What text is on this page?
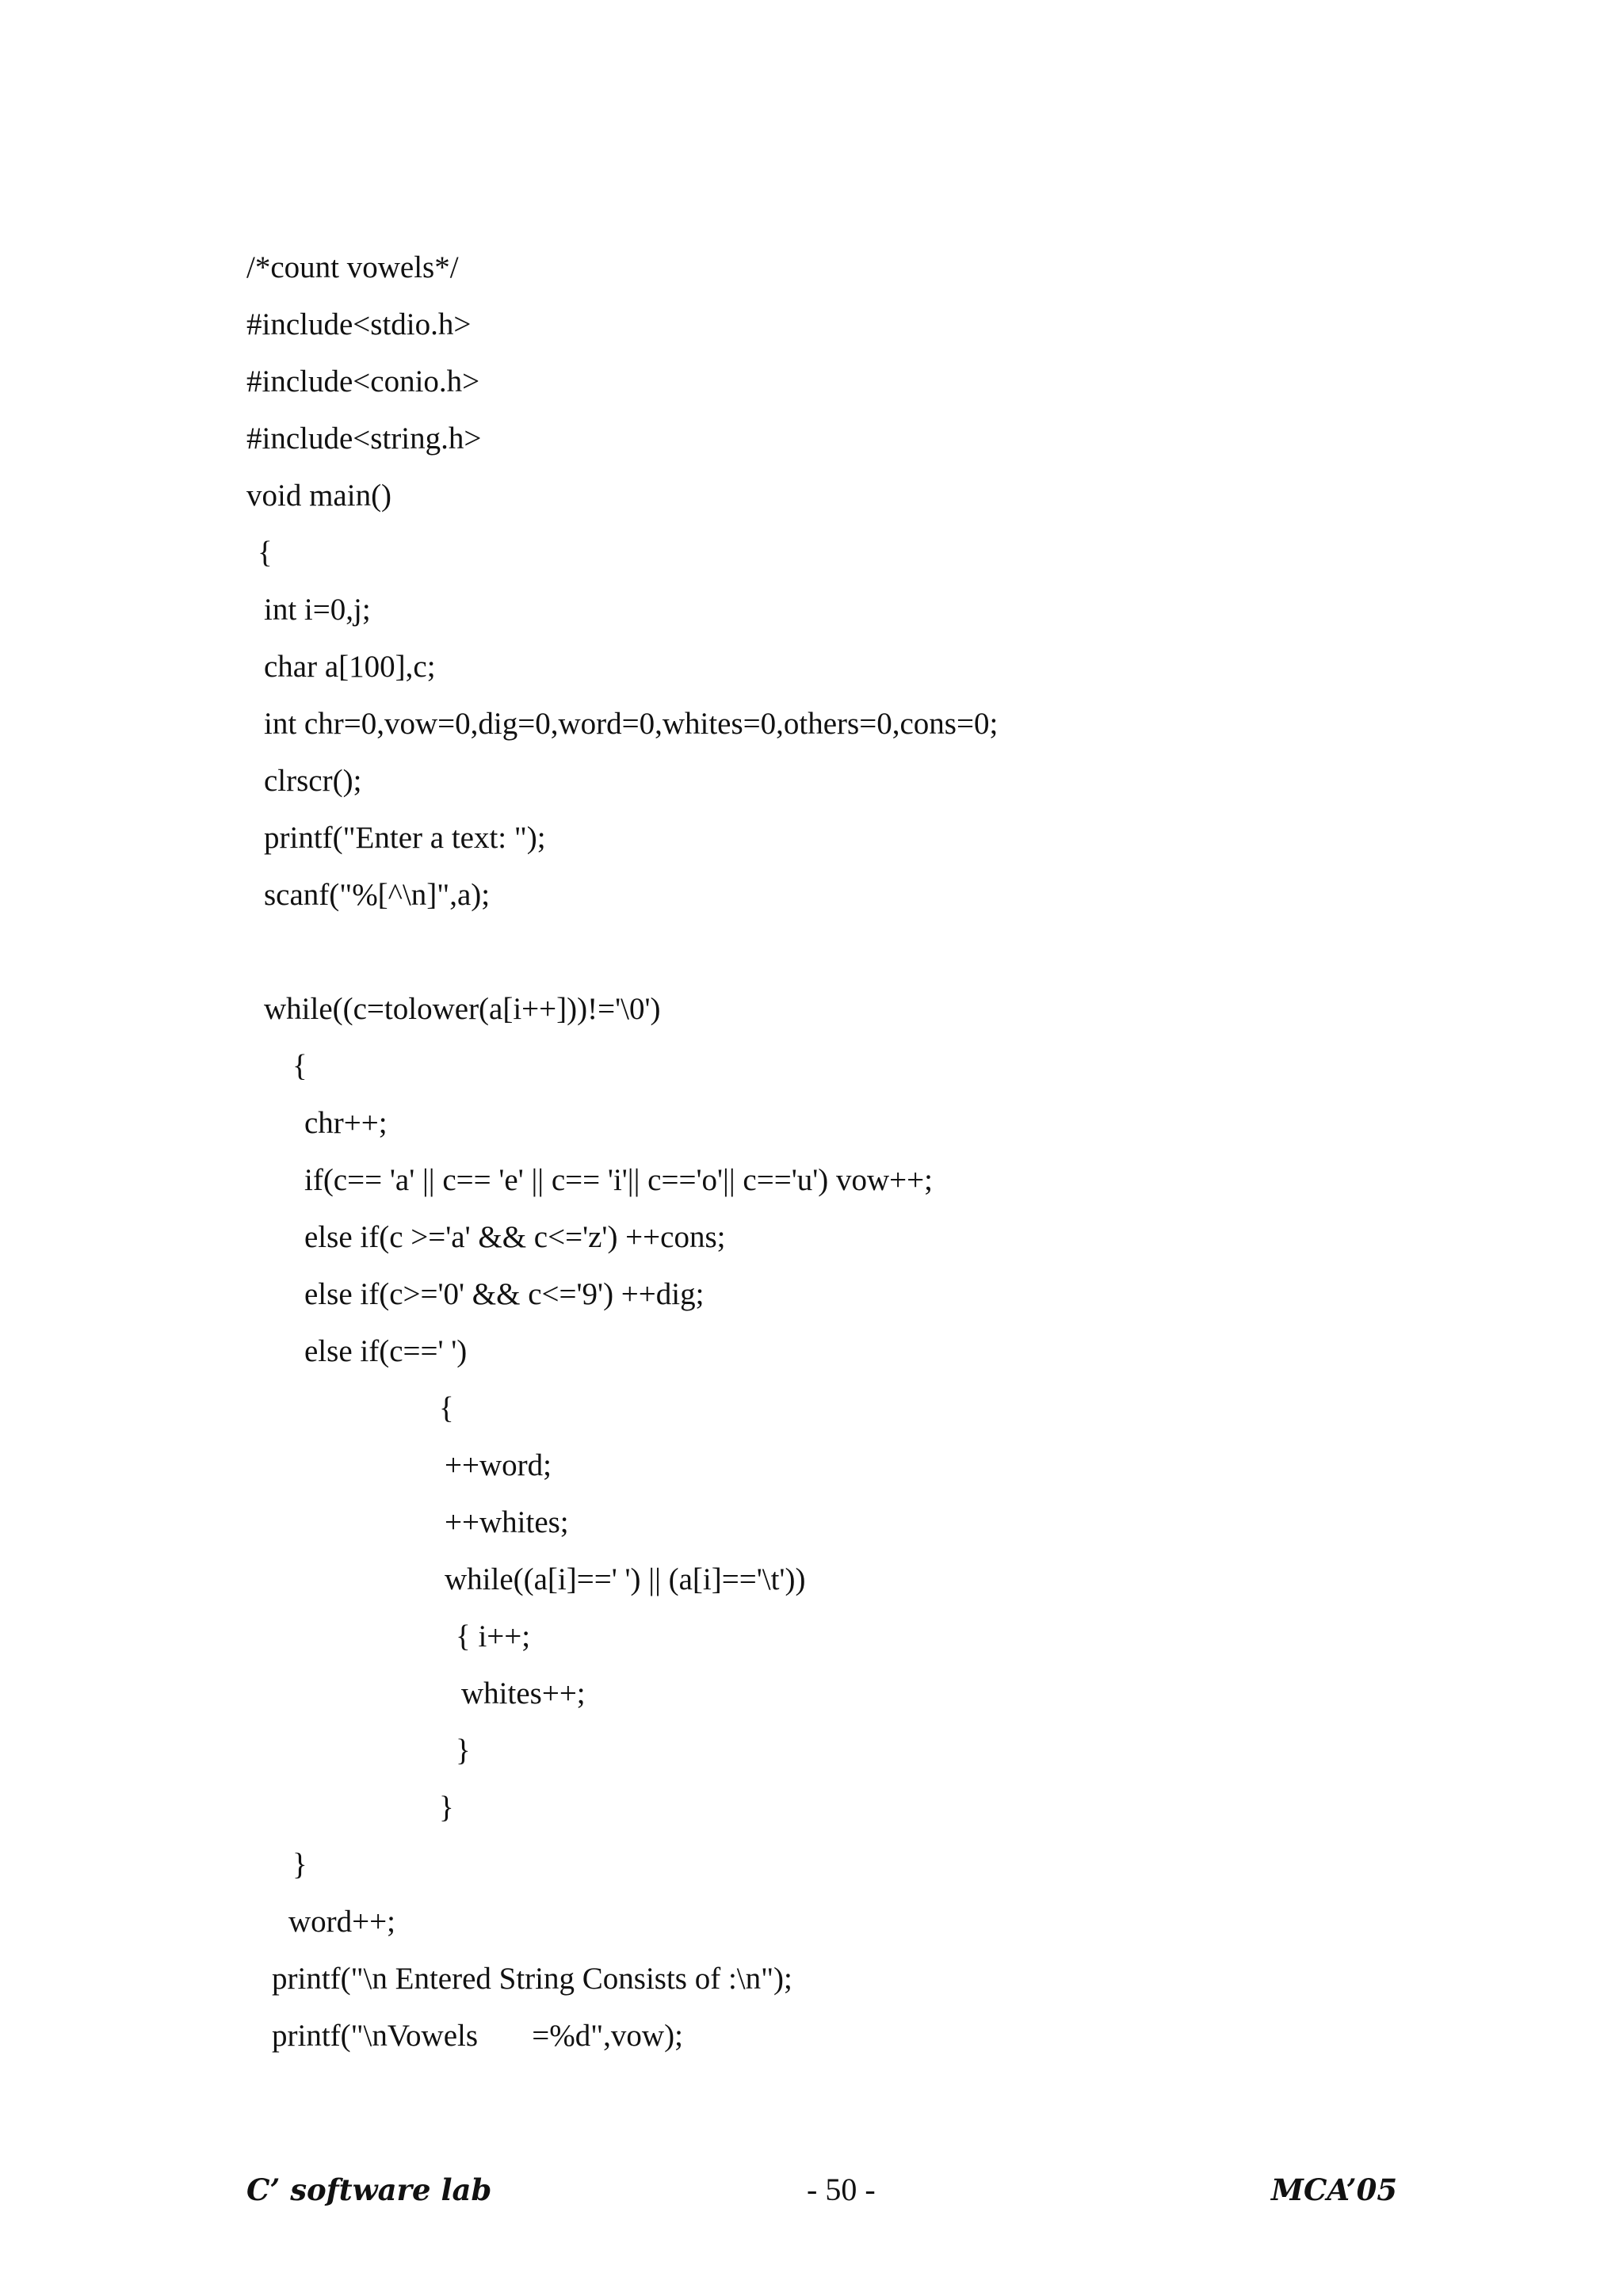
/*count vowels*/
#include<stdio.h>
#include<conio.h>
#include<string.h>
void main()
{
int i=0,j;
char a[100],c;
int chr=0,vow=0,dig=0,word=0,whites=0,others=0,cons=0;
clrscr();
printf("Enter a text: ");
scanf("%[^\n]",a);
while((c=tolower(a[i++]))!='\0')
{
chr++;
if(c== 'a' || c== 'e' || c== 'i'|| c=='o'|| c=='u') vow++;
else if(c >='a' && c<='z') ++cons;
else if(c>='0' && c<='9') ++dig;
else if(c==' ')
{
++word;
++whites;
while((a[i]==' ') || (a[i]=='\t'))
{ i++;
whites++;
}
}
}
word++;
printf("\n Entered String Consists of :\n");
printf("\nVowels       =%d",vow);
C’ software lab	- 50 -	MCA’05
